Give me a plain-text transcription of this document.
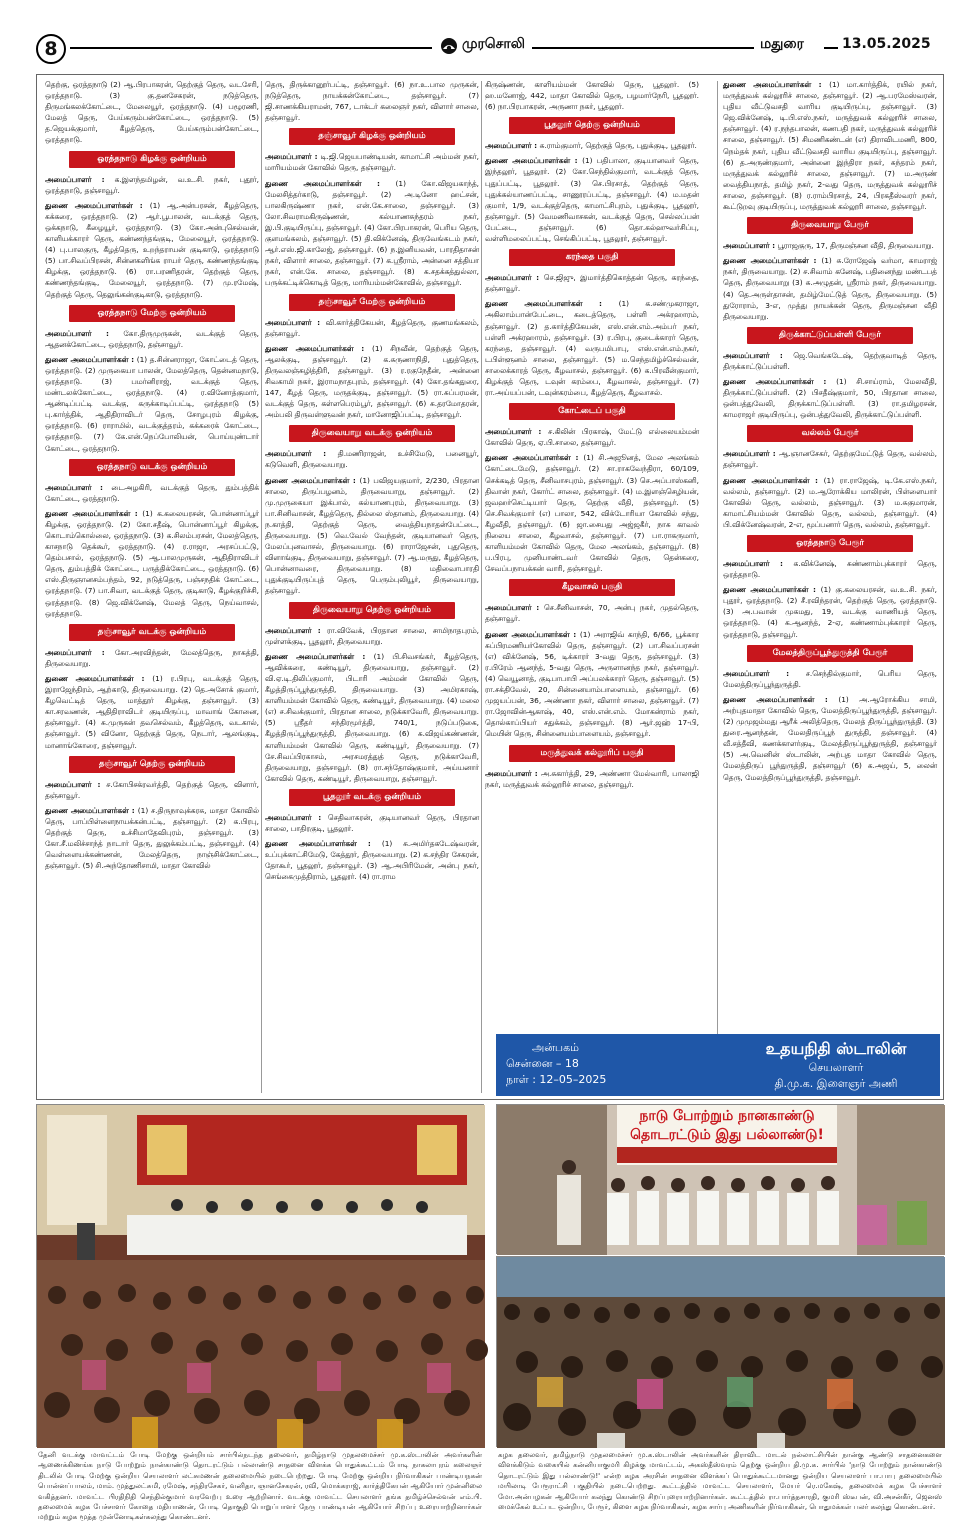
8	முரசொலி	மதுரை	13.05.2025
தெற்கு, ஒரத்தநாடு (2) ஆ.பிரபாகரன், தெற்குத் தெரு, வடசேரி, ஒரத்தநாடு. (3) கு.தனசேகரன், நடுத்தெரு, திருமங்கலக்கோட்டை, மேலையூர், ஒரத்தநாடு. (4) பழூரணி, மேலத் தெரு, பேய்கரும்பன்கோட்டை, ஒரத்தநாடு. (5) த.ஜெயக்குமார், கீழத்தெரு, பேய்கரும்பன்கோட்டை, ஒரத்தநாடு.
ஒரத்தநாடு கிழக்கு ஒன்றியம்
அமைப்பாளர் : க.இளந்தமிழன், வ.உ.சி. நகர், புதூர், ஒரத்தநாடு, தஞ்சாவூர்.
துணை அமைப்பாளர்கள் : (1) ஆ.அன்பரசன், கீழத்தெரு, கக்கரை, ஒரத்தநாடு. (2) ஆர்.பூபாலன், வடக்குத் தெரு, ஒக்கநாடு, கீழையூர், ஒரத்தநாடு. (3) கோ.அன்புசெல்வன், காளியக்காரர் தெரு, கண்ணந்தங்குடி, மேலையூர், ஒரத்தநாடு. (4) பு.பாலகுரு, கீழத்தெரு, உறந்தராயன் குடிகாடு, ஒரத்தநாடு (5) பா.சிவப்பிரசன், சின்னகளிங்க ராயர் தெரு, கண்ணந்தங்குடி கிழக்கு, ஒரத்தநாடு. (6) ரா.பரணிதரன், தெற்குத் தெரு, கண்ணந்தங்குடி, மேலையூர், ஒரத்தநாடு. (7) மு.ரமேஷ், தெற்குத் தெரு, தெலுங்கன்குடிகாடு, ஒரத்தநாடு.
ஒரத்தநாடு மேற்கு ஒன்றியம்
அமைப்பாளர் : கோ.திருமுருகன், வடக்குத் தெரு, ஆதனக்கோட்டை, ஒரத்தநாடு, தஞ்சாவூர்.
துணை அமைப்பாளர்கள் : (1) த.சின்னராஜா, கோட்டைத் தெரு, ஒரத்தநாடு. (2) முருகையா பாலன், மேலத்தெரு, தென்னமநாடு, ஒரத்தநாடு. (3) பமர்னிராஜ், வடக்குத் தெரு, மண்டலக்கோட்டை, ஒரத்தநாடு. (4) ர.வினோத்குமார், ஆண்டிப்பட்டி வடக்கு, கருக்காடிப்பட்டி, ஒரத்தநாடு (5) பு.கார்த்திக், ஆதிதிராவிடர் தெரு, சோழபுரம் கிழக்கு, ஒரத்தநாடு. (6) ராராமில், வடக்குத்தரம், கக்கரைக் கோட்டை, ஒரத்தநாடு. (7) கே.என்.நெப்போலியன், பொய்யுண்டார் கோட்டை, ஒரத்தநாடு.
ஒரத்தநாடு வடக்கு ஒன்றியம்
அமைப்பாளர் : டைஅழகிரி, வடக்குத் தெரு, தும்பத்திக் கோட்டை, ஒரத்தநாடு.
துணை அமைப்பாளர்கள் : (1) க.கலையரசன், பொன்னாப்பூர் கிழக்கு, ஒரத்தநாடு. (2) கோ.சதீஷ், பொன்னாப்பூர் கிழக்கு, கொடாம்கொல்லை, ஒரத்தநாடு. (3) க.சிலம்பரசன், மேலத்தெரு, காசநாடு தெக்கூர், ஒரத்தநாடு. (4) ர.ராஜா, அரசப்பட்டு, தெம்பசால், ஒரத்தநாடு. (5) ஆ.பாலமுருகன், ஆதிதிராவிடர் தெரு, தும்பத்திக் கோட்டை, பருத்திக்கோட்டை, ஒரத்தநாடு. (6) எஸ்.திருஞானசம்பந்தம், 92, நடுத்தெரு, பஞ்சநதிக் கோட்டை, ஒரத்தநாடு. (7) பா.சிவா, வடக்குத் தெரு, குடிகாடு, கீழக்குறிச்சி, ஒரத்தநாடு. (8) ஜெ.விக்னேஷ், மேலத் தெரு, நெய்வாசல், ஒரத்தநாடு.
தஞ்சாவூர் வடக்கு ஒன்றியம்
அமைப்பாளர் : கோ.அரவிந்தன், மேலத்தெரு, நாகத்தி, திருவையாறு.
துணை அமைப்பாளர்கள் : (1) ர.பிரபு, வடக்குத் தெரு, இராஜேந்திரம், ஆற்காடு, திருவையாறு. (2) தெ.அசோக் குமார், கீழவெட்டித் தெரு, மாத்தூர் கிழக்கு, தஞ்சாவூர். (3) கா.சரவணன், ஆதிதிராவிடர் குடியிருப்பு, மாவாங் கோனை, தஞ்சாவூர். (4) சு.முருகன் தவசெல்வம், கீழத்தெரு, வடகால், தஞ்சாவூர். (5) வினோ, தெற்குத் தெரு, நெடார், ஆலங்குடி, மானாங்கோரை, தஞ்சாவூர்.
தஞ்சாவூர் தெற்கு ஒன்றியம்
அமைப்பாளர் : ச.கோபிசக்ரவர்த்தி, தெற்குத் தெரு, விளார், தஞ்சாவூர்.
துணை அமைப்பாளர்கள் : (1) ச.திருநாவுக்கரசு, மாதா கோவில் தெரு, பாப்பிள்ளைநாயக்கன்பட்டி, தஞ்சாவூர். (2) க.பிரபு, தெற்குத் தெரு, உச்சிமாதேவிபுரம், தஞ்சாவூர். (3) கோ.சீ.மலிச்சாந்த் நாடார் தெரு, துலுக்கம்பட்டி, தஞ்சாவூர். (4) வெள்ளையக்கண்ணன், மேலத்தெரு, நாஞ்சிக்கோட்டை, தஞ்சாவூர். (5) சி.அந்தோணிசாமி, மாதா கோவில்
தெரு, திருக்கானூர்பட்டி, தஞ்சாவூர். (6) நா.உ.பால முருகன், நடுத்தெரு, நாயக்கன்கோட்டை, தஞ்சாவூர். (7) ஜி.சாணக்கியராமன், 767, டாக்டர் கலைஞர் நகர், விளார் சாலை, தஞ்சாவூர்.
தஞ்சாவூர் கிழக்கு ஒன்றியம்
அமைப்பாளர் : டி.ஜி.ஜெயபாண்டியன், காமாட்சி அம்மன் நகர், மாரியம்மன் கோவில் தெரு, தஞ்சாவூர்.
துணை அமைப்பாளர்கள் : (1) கோ.விஜயகாந்த், மேலசித்தர்காடு, தஞ்சாவூர். (2) அ.டினோ ஹட்சன், பாலகிருஷ்ணா நகர், என்.கே.சாலை, தஞ்சாவூர். (3) லோ.சிவராமகிருஷ்ணன், கல்யாணசுந்தரம் நகர், இ.பி.குடியிருப்பு, தஞ்சாவூர். (4) கோ.பிரபாகரன், பெரிய தெரு, குளமங்கலம், தஞ்சாவூர். (5) தி.விக்னேஷ், திருவேங்கடம் நகர், ஆர்.எஸ்.ஜி.காலேஜ், தஞ்சாவூர். (6) ந.இனியவன், பாரதிதாசன் நகர், விளார் சாலை, தஞ்சாவூர். (7) க.ஸ்ரீராம், அன்னை சத்தியா நகர், என்.கே. சாலை, தஞ்சாவூர். (8) க.சதக்கத்துல்லா, பருக்கட்டிக்கொடித் தெரு, மாரியம்மன்கோவில், தஞ்சாவூர்.
தஞ்சாவூர் மேற்கு ஒன்றியம்
அமைப்பாளர் : வி.கார்த்திகேயன், கீழத்தெரு, குணமங்கலம், தஞ்சாவூர்.
துணை அமைப்பாளர்கள் : (1) சிநவீன், தெற்குத் தெரு, ஆலக்குடி, தஞ்சாவூர். (2) க.சுருணாநிதி, புதுத்தெரு, திருவலஞ்சுழித்திரி, தஞ்சாவூர். (3) ர.ரகுநேதீன், அன்னை சிவகாமி நகர், இராமநாதபுரம், தஞ்சாவூர். (4) கோ.தங்கதுரை, 147, கீழத் தெரு, மருதக்குடி, தஞ்சாவூர். (5) ரா.சுப்பரமன், வடக்குத் தெரு, கள்ளபெரம்பூர், தஞ்சாவூர். (6) சு.தரமோதரன், அம்பலி திருவள்ளுவன் நகர், மானோஜிப்பட்டி, தஞ்சாவூர்.
திருவையாறு வடக்கு ஒன்றியம்
அமைப்பாளர் : தி.மணிராஜன், உச்சிமேடு, பனையூர், கடுவெளி, திருவையாறு.
துணை அமைப்பாளர்கள் : (1) பவிஜயகுமார், 2/230, பிரதான சாலை, திருப்பழனம், திருவையாறு, தஞ்சாவூர். (2) மு.முருகையா இக்பால், கல்யாணபுரம், திருவையாறு. (3) பா.சினிவாசன், கீழத்தெரு, தில்லை ஸ்தானம், திருவையாறு. (4) ந.காத்தி, தெற்குத் தெரு, வைத்தியநாதன்பேட்டை, திருவையாறு. (5) வெ.வேல் வேந்தன், குடியானவர் தெரு, மேலப்புனவாசல், திருவையாறு. (6) ராராஜேசன், புதுதெரு, விளாங்குடி, திருவையாறு, தஞ்சாவூர். (7) ஆ.மருது, கீழத்தெரு, பொன்னாவரை, திருவையாறு. (8) மதிவைாபாரதி புதுக்குடியிருப்புத் தெரு, பெரும்புலியூர், திருவையாறு, தஞ்சாவூர்.
திருவையாறு தெற்கு ஒன்றியம்
அமைப்பாளர் : ரா.விவேக், பிரதான சாலை, சாமிநாதபுரம், முள்ளக்குடி, பூதலூர், திருவையாறு.
துணை அமைப்பாளர்கள் : (1) பி.சிவசங்கர், கீழத்தெரு, ஆவிக்கரை, கண்டியூர், திருவையாறு, தஞ்சாவூர். (2) வி.ஏ.டி.திலிப்குமார், பிடாரி அம்மன் கோவில் தெரு, கீழத்திருப்பூந்துருத்தி, திருவையாறு. (3) அமிரகாஷ், காளியம்மன் கோவில் தெரு, கண்டியூர், திருவையாறு. (4) மலை (எ) ச.சிவக்குமார், பிரதான சாலை, நடுக்காவேரி, திருவையாறு. (5) ஸ்ரீதர் சந்திரமூர்த்தி, 740/1, நடுப்படுகை, கீழத்திருப்பூந்துருத்தி, திருவையாறு. (6) சு.விஜய்கண்ணன், காளியம்மன் கோவில் தெரு, கண்டியூர், திருவையாறு. (7) சே.சிவப்பிரகாசம், அரசமரத்துத் தெரு, நடுக்காவேரி, திருவையாறு, தஞ்சாவூர். (8) ரா.சந்தோஷ்குமார், அய்யனார் கோவில் தெரு, கண்டியூர், திருவையாறு, தஞ்சாவூர்.
பூதலூர் வடக்கு ஒன்றியம்
அமைப்பாளர் : செதிவாகரன், குடியானவர் தெரு, பிரதான சாலை, பாதிரகுடி, பூதலூர்.
துணை அமைப்பாளர்கள் : (1) சு.அமிர்தகடேஷ்வரன், உப்புக்காட்சிமேடு, கேத்தூர், திருவையாறு. (2) க.சந்திர சேகரன், தோகூர், பூதலூர், தஞ்சாவூர். (3) ஆ.அபிரிமேன், அன்பு நகர், செங்கைமுத்திராம், பூதலூர். (4) ரா.ராம
கிருஷ்ணன், காளியம்மன் கோவில் தெரு, பூதலூர். (5) ஹ.மனோஜ், 442, மாதா கோவில் தெரு, பழமார்நேரி, பூதலூர். (6) நா.பிரபாகரன், அருணா நகர், பூதலூர்.
பூதலூர் தெற்கு ஒன்றியம்
அமைப்பாளர் : சு.ராம்குமார், தெற்குத் தெரு, புதுக்குடி, பூதலூர்.
துணை அமைப்பாளர்கள் : (1) பதிபாலா, குடியானவர் தெரு, இந்தலூர், பூதலூர். (2) கோ.செந்தில்குமார், வடக்குத் தெரு, புதுப்பட்டி, பூதலூர். (3) செ.பிரசாத், தெற்குத் தெரு, புதுக்கல்யாணப்பட்டி, சாணூரப்பட்டி, தஞ்சாவூர். (4) ம.மதன் குமார், 1/9, வடக்குத்தெரு, காமாட்சிபுரம், புதுக்குடி, பூதலூர், தஞ்சாவூர். (5) வேமணிவாசகன், வடக்குத் தெரு, செல்லப்பன் பேட்டை, தஞ்சாவூர். (6) தொ.கல்ஹுவர்சிப்பு, வள்ளிமலைப்பட்டி, செங்கிப்பட்டி, பூதலூர், தஞ்சாவூர்.
கரந்தை பகுதி
அமைப்பாளர் : செ.ஜிஜு, இமார்த்திகொத்தன் தெரு, கரந்தை, தஞ்சாவூர்.
துணை அமைப்பாளர்கள் : (1) க.சண்முகராஜா, அகிலாம்பான்பேட்டை, கடைத்தெரு, பள்ளி அக்ரஹாரம், தஞ்சாவூர். (2) த.கார்த்திகேயன், எஸ்.என்.எம்.அம்பர் நகர், பள்ளி அக்ரஹாரம், தஞ்சாவூர். (3) ர.பிரபு, குடைக்காரர் தெரு, கரந்தை, தஞ்சாவூர். (4) வருபமிபாபு, எஸ்.என்.எம்.நகர், டபிள்ளூனம் சாலை, தஞ்சாவூர். (5) ம.செந்தமிழ்ச்செல்வன், சாலைக்காரத் தெரு, கீழவாசல், தஞ்சாவூர். (6) க.பிரவீன்குமார், கிழக்குத் தெரு, டவுன் கரம்பை, கீழவாசல், தஞ்சாவூர். (7) ரா.அய்யப்பன், டவுன்கரம்பை, கீழத்தெரு, கீழவாசல்.
கோட்டைப் பகுதி
அமைப்பாளர் : ச.கிலின் பிரகாஷ், மேட்டு எல்லையம்மன் கோவில் தெரு, ஏ.பி.சாலை, தஞ்சாவூர்.
துணை அமைப்பாளர்கள் : (1) சி.அஜூனத், மேல அலங்கம் கோட்டைமேடு, தஞ்சாவூர். (2) சா.ராகவேந்திரா, 60/109, செக்கடித் தெரு, சீனிவாசபுரம், தஞ்சாவூர். (3) செ.அப்பாஸ்கனி, திவான் நகர், கோர்ட் சாலை, தஞ்சாவூர். (4) ம.இளஞ்செழியன், ஜவஹர்செட்டியார் தெரு, தெற்கு வீதி, தஞ்சாவூர். (5) செ.சிவக்குமார் (எ) பாலா, 542, விக்டோரியா கோவில் சந்து, கீழவீதி, தஞ்சாவூர். (6) ஜா.சையது அஜ்ஜகீர், நாசு காவல் நிலைய சாலை, கீழவாசல், தஞ்சாவூர். (7) பா.ராகருமார், காளியம்மன் கோவில் தெரு, மேல அலங்கம், தஞ்சாவூர். (8) ப.பிரபு, முனியாண்டவர் கோவில் தெரு, தென்கரை, சேவப்பநாயக்கன் வாரி, தஞ்சாவூர்.
கீழவாசல் பகுதி
அமைப்பாளர் : செ.சீனிவாசன், 70, அன்பு நகர், முதல்தெரு, தஞ்சாவூர்.
துணை அமைப்பாளர்கள் : (1) அராஜிவ் காந்தி, 6/66, பூக்கார சுப்பிரமணியர்கோவில் தெரு, தஞ்சாவூர். (2) பா.சிவப்பரசன் (எ) விக்னேஷ், 56, டிக்காரர் 3-வது தெரு, தஞ்சாவூர். (3) ர.பிரேம் ஆனந்த், 5-வது தெரு, அருளானந்த நகர், தஞ்சாவூர். (4) வெயூனாத், குடிபாபாபி அப்பலக்காரர் தெரு, தஞ்சாவூர். (5) ரா.சக்திவேல், 20, சின்னையாம்பாளையம், தஞ்சாவூர். (6) முஜயப்பன், 36, அண்ணா நகர், விளார் சாலை, தஞ்சாவூர். (7) ரா.ஜோவின்ஆகாஷ், 40, எஸ்.என்.எம். மோகன்ராம் நகர், தொல்காப்பியர் சதுக்கம், தஞ்சாவூர். (8) ஆர்.ஜஹ் 17-பி, மெயின் தெரு, சின்னையம்பாளையம், தஞ்சாவூர்.
மருத்துவக் கல்லூரிப் பகுதி
அமைப்பாளர் : அ.சுகார்த்தி, 29, அண்ணா மேல்வாரி, பாலாஜி நகர், மருத்துவக் கல்லூரிச் சாலை, தஞ்சாவூர்.
துணை அமைப்பாளர்கள் : (1) மா.கார்த்திக், ரயில் நகர், மருத்துவக் கல்லூரிச் சாலை, தஞ்சாவூர். (2) ஆ.பரமேஸ்வரன், புதிய வீட்டுவசதி வாரிய குடியிருப்பு, தஞ்சாவூர். (3) ஜெ.விக்னேஷ், டி.பி.எஸ்.நகர், மருத்துவக் கல்லூரிச் சாலை, தஞ்சாவூர். (4) ர.நந்தபாலன், கணபதி நகர், மருத்துவக் கல்லூரிச் சாலை, தஞ்சாவூர். (5) சிமணிகண்டன் (எ) திராவிடமணி, 800, நெம்தக் நகர், புதிய வீட்டுவசதி வாரிய குடியிருப்பு, தஞ்சாவூர். (6) த.அருண்குமார், அன்னை இந்திரா நகர், சுந்தரம் நகர், மருத்துவக் கல்லூரிச் சாலை, தஞ்சாவூர். (7) ம.அருண் வைத்தியநாத், தமிழ் நகர், 2-வது தெரு, மருத்துவக் கல்லூரிச் சாலை, தஞ்சாவூர். (8) ர.ராம்பிரசாத், 24, பிரகதீஸ்வரர் நகர், கூட்டுறவு குடியிருப்பு, மருத்துவக் கல்லூரி சாலை, தஞ்சாவூர்.
திருவையாறு பேரூர்
அமைப்பாளர் : பூராஜகுரு, 17, திருமஞ்சன வீதி, திருவையாறு.
துணை அமைப்பாளர்கள் : (1) சு.ரோஜேஷ் வர்மா, காமராஜ் நகர், திருவையாறு. (2) ச.சிவாம் கனேஷ், பதினைந்து மண்டபத் தெரு, திருவையாறு (3) சு.அழுதன், ஸ்ரீராம் நகர், திருவையாறு. (4) தெ.அருள்தாசன், தமிழ்மேட்டுத் தெரு, திருவையாறு. (5) துரோராம், 3-எ, முத்து நாயக்கன் தெரு, திருமஞ்சன வீதி திருவையாறு.
திருக்காட்டுப்பள்ளி பேரூர்
அமைப்பாளர் : ஜெ.வெங்கடேஷ், தெற்குவாடித் தெரு, திருக்காட்டுப்பள்ளி.
துணை அமைப்பாளர்கள் : (1) சி.சாய்ராம், மேலவீதி, திருக்காட்டுப்பள்ளி. (2) பிசதீஷ்குமார், 50, பிரதான சாலை, ஒன்பத்துவேலி, திருக்காட்டுப்பள்ளி. (3) ரா.தமிழரசன், காமராஜர் குடியிருப்பு, ஒன்பத்துவேலி, திருக்காட்டுப்பள்ளி.
வல்லம் பேரூர்
அமைப்பாளர் : ஆ.ஞானசேகர், தெற்குமேட்டுத் தெரு, வல்லம், தஞ்சாவூர்.
துணை அமைப்பாளர்கள் : (1) ரா.ராஜேஷ், டி.கே.எஸ்.நகர், வல்லம், தஞ்சாவூர். (2) ம.ஆரோக்கிய மாலிரன், பிள்ளையார் கோவில் தெரு, வல்லம், தஞ்சாவூர். (3) ம.சுகுமாரன், காமாட்சியம்மன் கோவில் தெரு, வல்லம், தஞ்சாவூர். (4) பி.விக்னேஷ்வரன், 2-எ, மூப்பனார் தெரு, வல்லம், தஞ்சாவூர்.
ஒரத்தநாடு பேரூர்
அமைப்பாளர் : க.விக்னேஷ், சுண்ணாம்புக்காரர் தெரு, ஒரத்தநாடு.
துணை அமைப்பாளர்கள் : (1) கு.கலையரசன், வ.உ.சி. நகர், புதூர், ஒரத்தநாடு. (2) சீ.ரவிந்தரன், தெற்குத் தெரு, ஒரத்தநாடு. (3) அ.பவான் முகமது, 19, வடக்கு வாணியத் தெரு, ஒரத்தநாடு. (4) க.ஆனந்த், 2-ஏ, கண்ணாம்புக்காரர் தெரு, ஒரத்தநாடு, தஞ்சாவூர்.
மேலத்திருப்பூந்துருத்தி பேரூர்
அமைப்பாளர் : ச.செந்தில்குமார், பெரிய தெரு, மேலத்திருப்பூந்துருத்தி.
துணை அமைப்பாளர்கள் : (1) அ.ஆரோக்கிய சாமி, அற்புதமாதா கோவில் தெரு, மேலத்திருப்பூந்துருத்தி, தஞ்சாவூர். (2) முமுஜம்மது ஆரீக் அலித்தெரு, மேலத் திருப்பூந்துருத்தி. (3) துரை.ஆனந்தன், மேலதிருப்பூந் துருத்தி, தஞ்சாவூர். (4) வீ.சத்தீவி, கணக்காளர்குடி, மேலத்திருப்பூந்துருத்தி, தஞ்சாவூர் (5) அ.வெனின் ஸ்டாலின், அற்புத மாதா கோவில் தெரு, மேலத்திருப் பூந்துருத்தி, தஞ்சாவூர் (6) க.அஜய், 5, லைன் தெரு, மேலத்திருப்பூந்துருத்தி, தஞ்சாவூர்.
அன்பகம்
சென்னை – 18
நாள் : 12–05–2025
உதயநிதி ஸ்டாலின்
செயலாளர்
தி.மு.க. இளைஞர் அணி
நாடு போற்றும் நானகாண்டு
தொடரட்டும் இது பல்லாண்டு!
தேனி வடக்கு மாவட்டம் போடி மேற்கு ஒன்றியம் சார்பில்நடந்த தலைவர், தமிழ்நாடு முதலமைச்சர் மு.க.ஸ்டாலின் அவர்களின் ஆணைக்கிணங்க நாடு போற்றும் நான்காண்டு தொடரட்டும் பல்லாண்டு சாதனை விளக்க பொதுக்கூட்டம் போடி நாகலாபுரம் கலைஞர் திடலில் போடி மேற்கு ஒன்றிய செயலாளர் லட்சுமணன் தலைமையில் நடைபெற்றது. போடி மேற்கு ஒன்றிய நிர்வாகிகள் பாண்டியநகன் பொன்னப்பாலம், மாம். முத்துலட்சுமி, ரமேஷ், சந்திரசேகர், வனிதா, ஞானசேகரன், ரவி, மொக்கராஜ், கார்த்திகேயன் ஆகியோர் முன்னிலை வகித்தனர். மாவட்ட பிரதிநிதி செந்தில்குமார் வரவேற்பு உரை ஆற்றினார். வடக்கு மாவட்ட செயலாளர் தங்க தமிழ்ச்செல்வன் எம்.பி. தலைமைக் கழக பேச்சாளர் கோதை மதியாணன், போடி தொகுதி பொறுப்பாளர் நேரு பாண்டியன் ஆகியோர் சிறப்பு உரையாற்றினார்கள் மற்றும் கழக மூத்த முன்னோடிகள்கலந்து கொண்டனர்.
கழக தலைவர், தமிழ்நாடு முதலமைச்சர் மு.க.ஸ்டாலின் அவர்களின் திராவிட மாடல் நல்லாட்சியின் நான்கு ஆண்டு சாதனைகளை விளக்கிடும் வகையில் கன்னியாகுமரி கிழக்கு மாவட்டம், அகஸ்தீஸ்வரம் தெற்கு ஒன்றிய தி.மு.க. சார்பில் 'நாடு போற்றும் நான்காண்டு தொடரட்டும் இது பல்லாண்டு!' என்ற கழக அரசின் சாதனை விளக்கப் பொதுக்கூட்டமானது ஒன்றிய செயலாளர் பா.பாபு தலைமையில் மயிலாடி பேரூராட்சி பகுதியில் நடைபெற்றது. கூட்டத்தில் மாவட்ட செயலாளர், மேயர் ரெ.மகேஷ், தலைமைக் கழக பேச்சாளர் மோ.அன்பழகன் ஆகியோர் கலந்து கொண்டு சிறப்புரையாற்றினார்கள். கூட்டத்தில் ரா.பார்த்தசாரதி, குமரி ஸ்டீபன், வி.அசன்கீர், ஜெனஸ் மைக்கேல் உட்பட ஒன்றிய, பேரூர், கிளை கழக நிர்வாகிகள், கழக சார்பு அணிகளின் நிர்வாகிகள், பொதுமக்கள் பலர் கலந்து கொண்டனர்.
